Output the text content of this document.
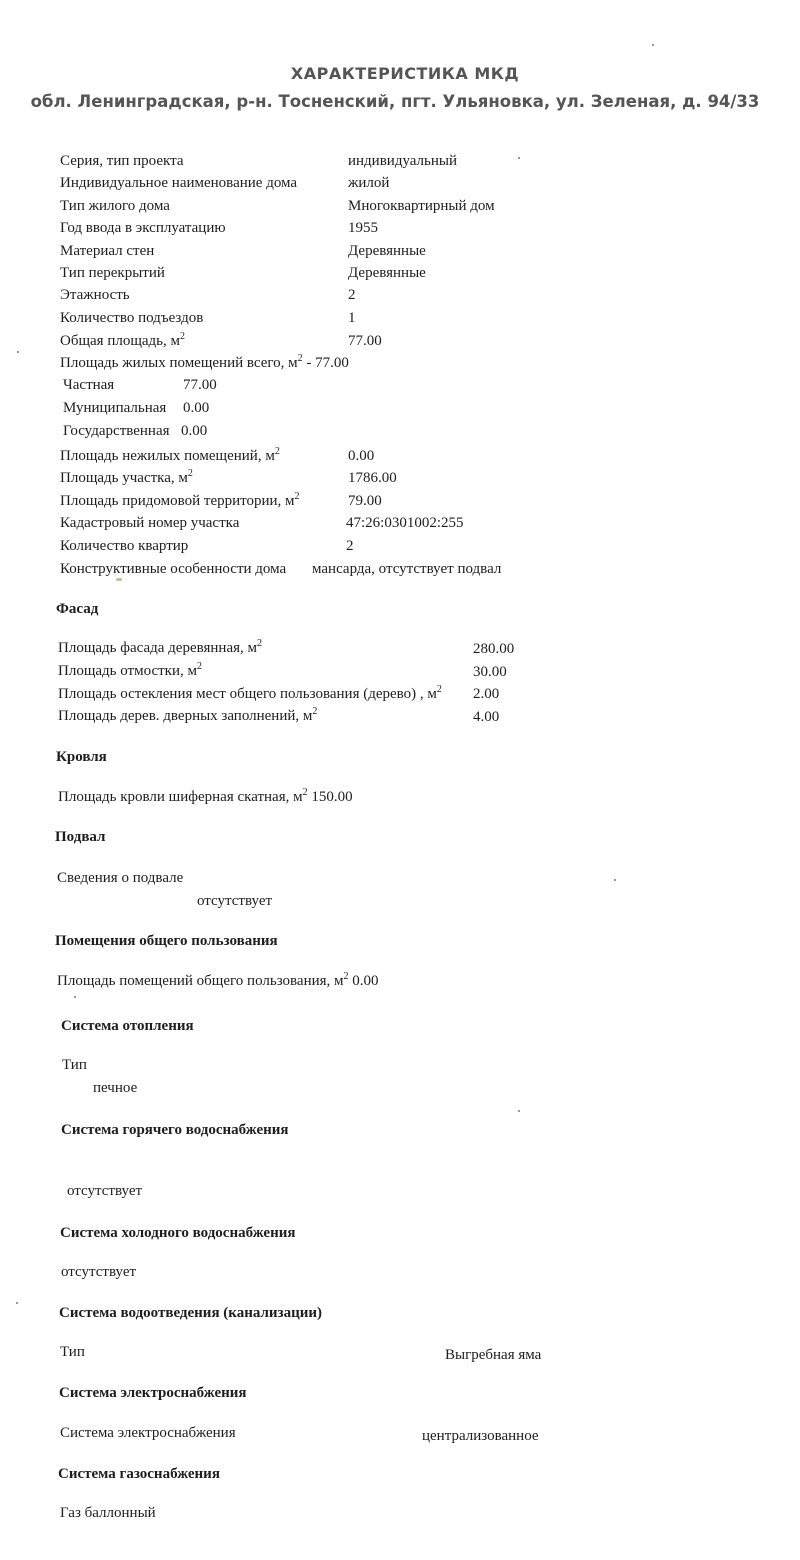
ХАРАКТЕРИСТИКА МКД
обл. Ленинградская, р-н. Тосненский, пгт. Ульяновка, ул. Зеленая, д. 94/33
Серия, тип проекта	индивидуальный
Индивидуальное наименование дома	жилой
Тип жилого дома	Многоквартирный дом
Год ввода в эксплуатацию	1955
Материал стен	Деревянные
Тип перекрытий	Деревянные
Этажность	2
Количество подъездов	1
Общая площадь, $м^2$	77.00
Площадь жилых помещений всего, $м^2 - 77.00$
Частная	77.00
Муниципальная 0.00
Государственная 0.00
Площадь нежилых помещений, $м^2$	0.00
Площадь участка, $м^2$	1786.00
Площадь придомовой территории, $м^2$	79.00
Кадастровый номер участка	47:26:0301002:255
Количество квартир	2
Конструктивные особенности дома мансарда, отсутствует подвал
Фасад
Площадь фасада деревянная, $м^2$	280.00
Площадь отмостки, $м^2$	30.00
Площадь остекления мест общего пользования (дерево) , $м^2$ 2.00
Площадь дерев. дверных заполнений, $м^2$	4.00
Кровля
Площадь кровли шиферная скатная, $м^2$ 150.00
Подвал
Сведения о подвале
отсутствует
Помещения общего пользования
Площадь помещений общего пользования, $м^2$ 0.00
Система отопления
Тип
печное
Система горячего водоснабжения
отсутствует
Система холодного водоснабжения
отсутствует
Система водоотведения (канализации)
Тип	Выгребная яма
Система электроснабжения
Система электроснабжения	централизованное
Система газоснабжения
Газ баллонный
